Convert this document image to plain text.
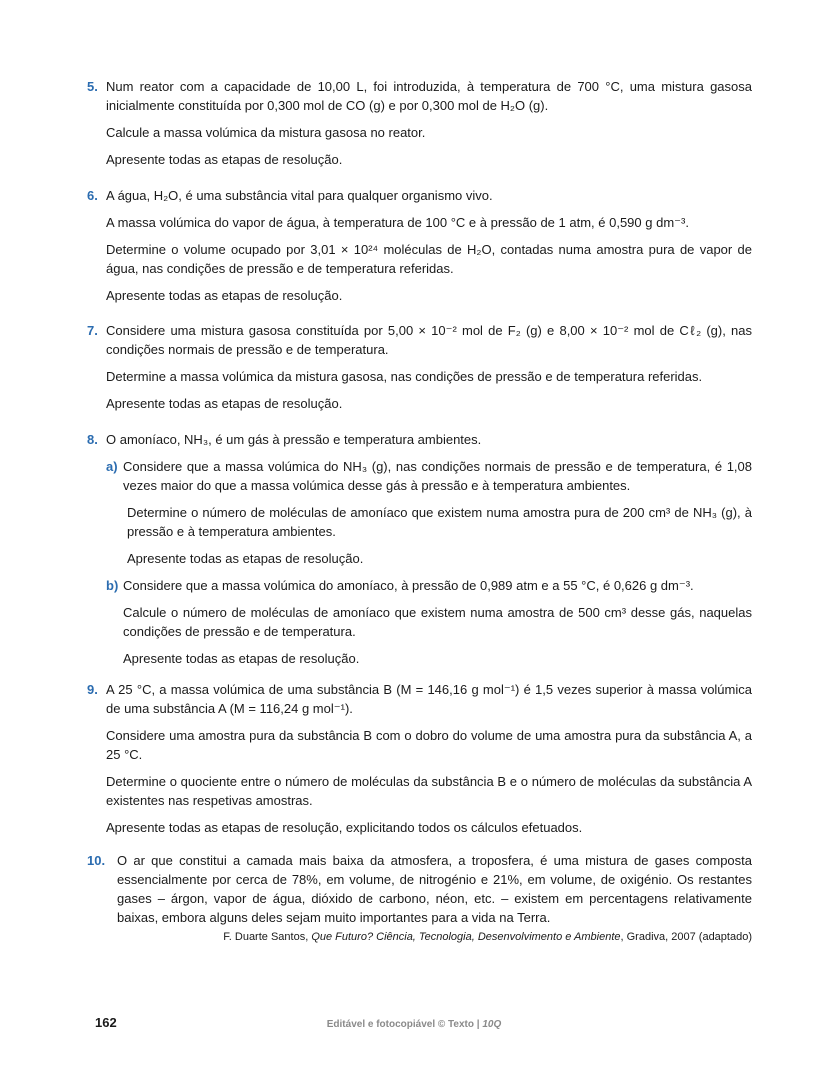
5. Num reator com a capacidade de 10,00 L, foi introduzida, à temperatura de 700 °C, uma mistura gasosa inicialmente constituída por 0,300 mol de CO (g) e por 0,300 mol de H₂O (g).

Calcule a massa volúmica da mistura gasosa no reator.

Apresente todas as etapas de resolução.

6. A água, H₂O, é uma substância vital para qualquer organismo vivo.

A massa volúmica do vapor de água, à temperatura de 100 °C e à pressão de 1 atm, é 0,590 g dm⁻³.

Determine o volume ocupado por 3,01 × 10²⁴ moléculas de H₂O, contadas numa amostra pura de vapor de água, nas condições de pressão e de temperatura referidas.

Apresente todas as etapas de resolução.

7. Considere uma mistura gasosa constituída por 5,00 × 10⁻² mol de F₂ (g) e 8,00 × 10⁻² mol de Cℓ₂ (g), nas condições normais de pressão e de temperatura.

Determine a massa volúmica da mistura gasosa, nas condições de pressão e de temperatura referidas.

Apresente todas as etapas de resolução.

8. O amoníaco, NH₃, é um gás à pressão e temperatura ambientes.

a) Considere que a massa volúmica do NH₃ (g), nas condições normais de pressão e de temperatura, é 1,08 vezes maior do que a massa volúmica desse gás à pressão e à temperatura ambientes.

Determine o número de moléculas de amoníaco que existem numa amostra pura de 200 cm³ de NH₃ (g), à pressão e à temperatura ambientes.

Apresente todas as etapas de resolução.

b) Considere que a massa volúmica do amoníaco, à pressão de 0,989 atm e a 55 °C, é 0,626 g dm⁻³.

Calcule o número de moléculas de amoníaco que existem numa amostra de 500 cm³ desse gás, naquelas condições de pressão e de temperatura.

Apresente todas as etapas de resolução.

9. A 25 °C, a massa volúmica de uma substância B (M = 146,16 g mol⁻¹) é 1,5 vezes superior à massa volúmica de uma substância A (M = 116,24 g mol⁻¹).

Considere uma amostra pura da substância B com o dobro do volume de uma amostra pura da substância A, a 25 °C.

Determine o quociente entre o número de moléculas da substância B e o número de moléculas da substância A existentes nas respetivas amostras.

Apresente todas as etapas de resolução, explicitando todos os cálculos efetuados.

10. O ar que constitui a camada mais baixa da atmosfera, a troposfera, é uma mistura de gases composta essencialmente por cerca de 78%, em volume, de nitrogénio e 21%, em volume, de oxigénio. Os restantes gases – árgon, vapor de água, dióxido de carbono, néon, etc. – existem em percentagens relativamente baixas, embora alguns deles sejam muito importantes para a vida na Terra.

F. Duarte Santos, Que Futuro? Ciência, Tecnologia, Desenvolvimento e Ambiente, Gradiva, 2007 (adaptado)
162	Editável e fotocopiável © Texto | 10Q
